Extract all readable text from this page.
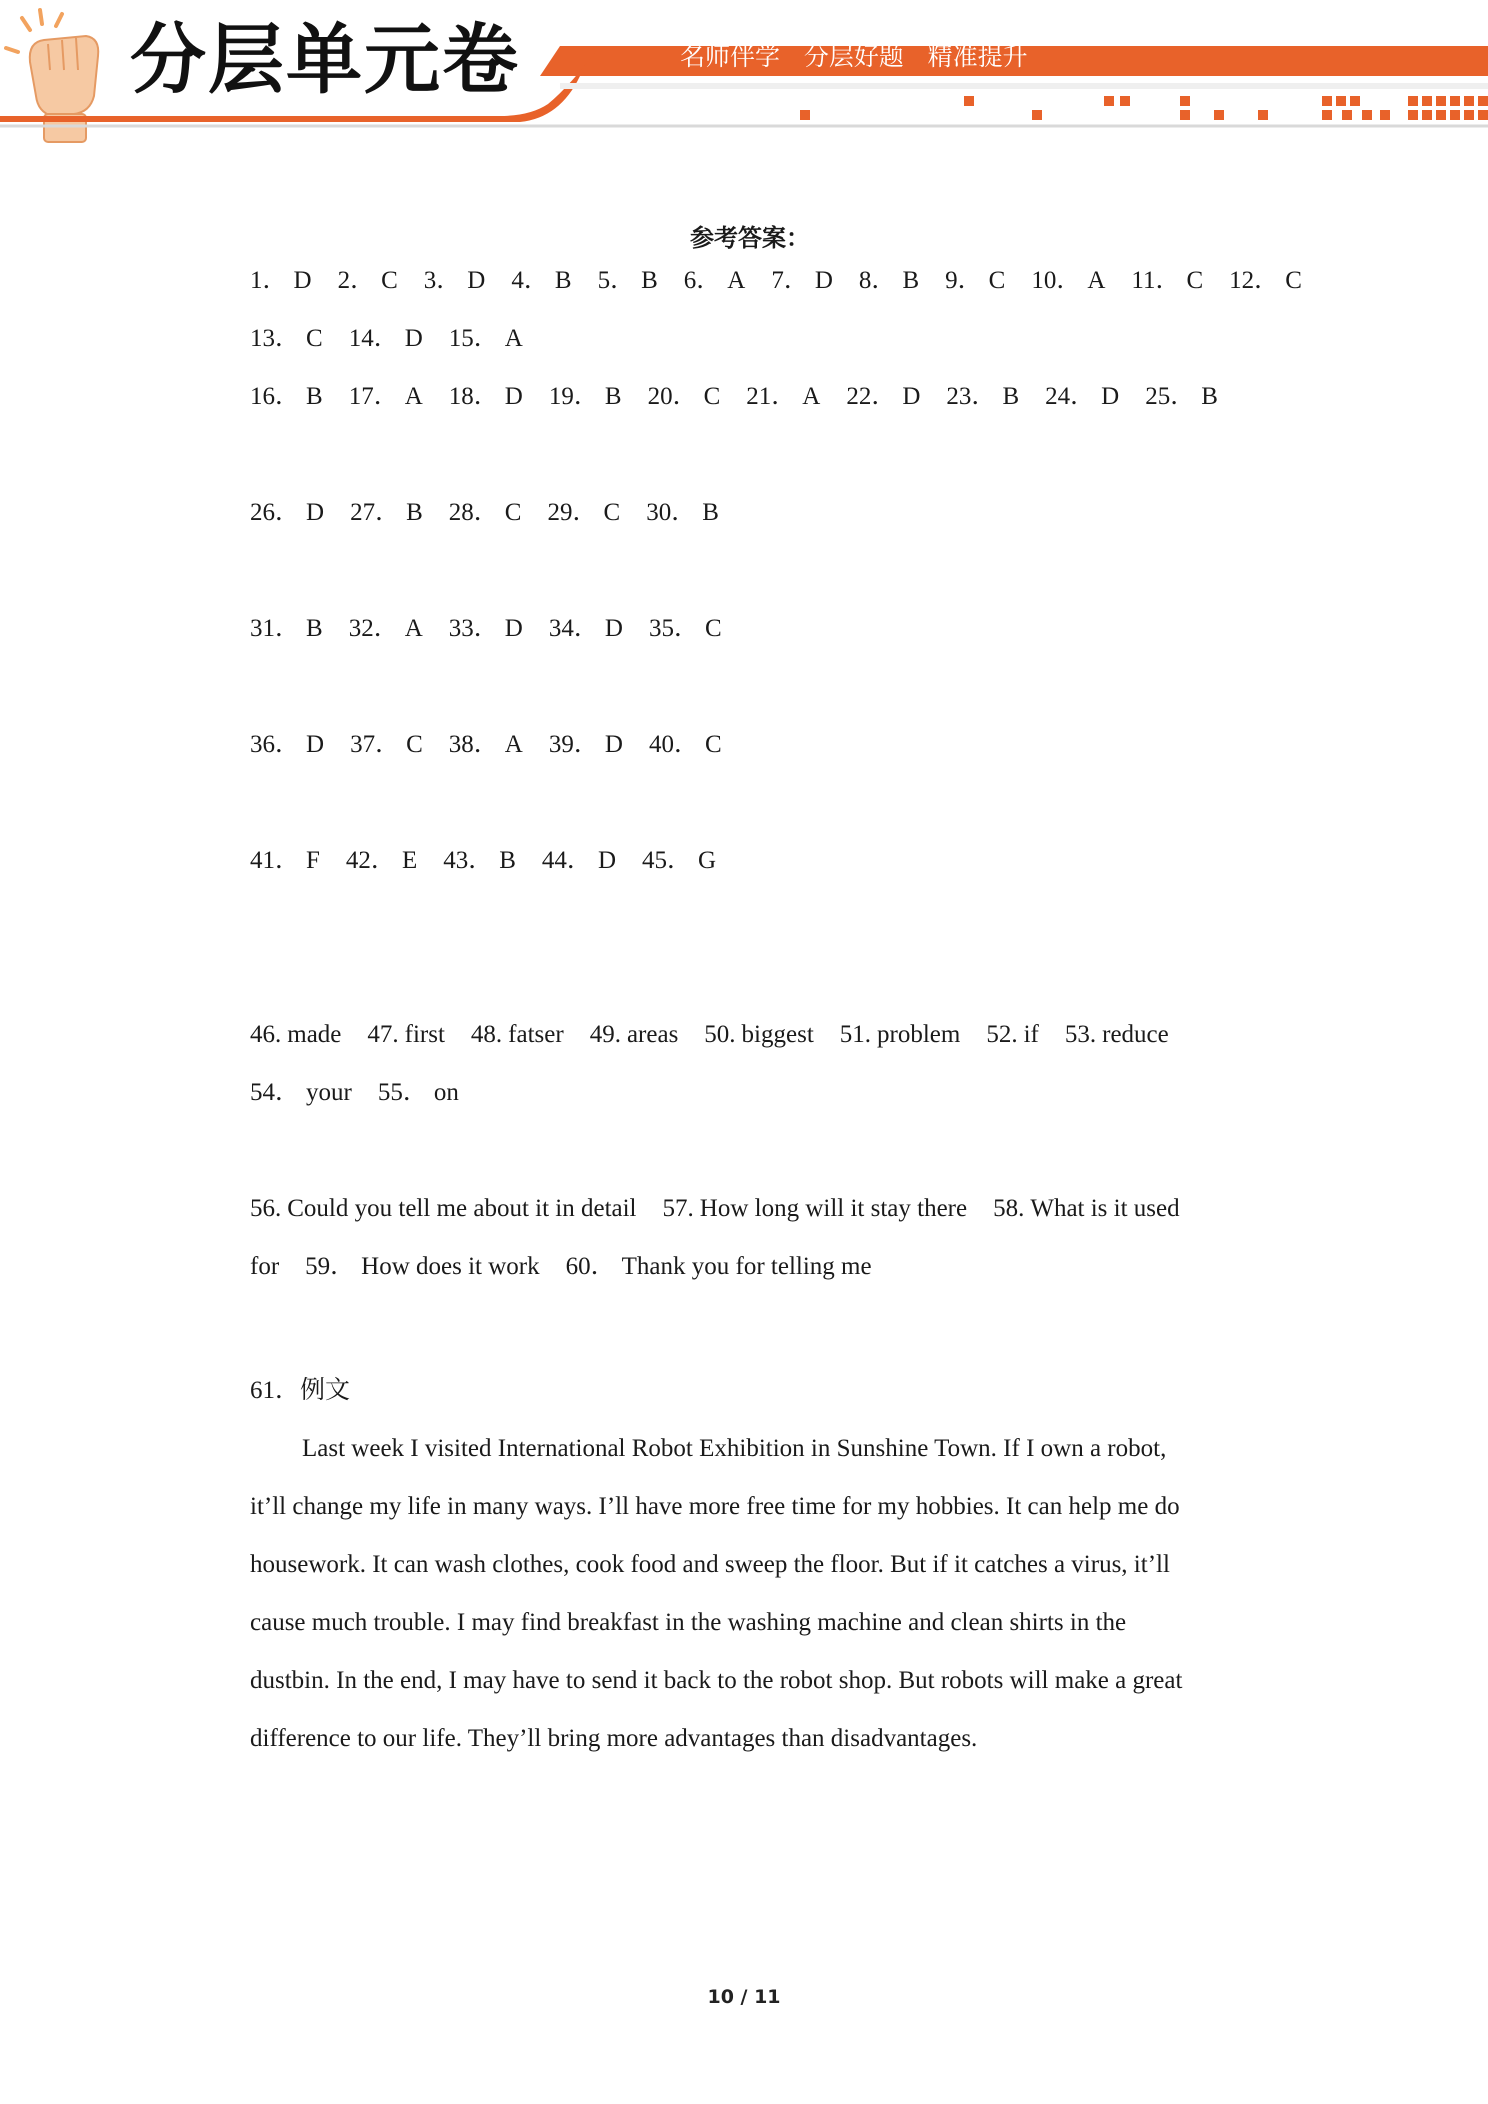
分层单元卷	名师伴学   分层好题   精准提升
参考答案：
1． D 2． C 3． D 4． B 5． B 6． A 7． D 8． B 9． C 10． A 11． C 12． C
13． C 14． D 15． A
16． B 17． A 18． D 19． B 20． C 21． A 22． D 23． B 24． D 25． B
26． D 27． B 28． C 29． C 30． B
31． B 32． A 33． D 34． D 35． C
36． D 37． C 38． A 39． D 40． C
41． F 42． E 43． B 44． D 45． G
46. made 47. first 48. fatser 49. areas 50. biggest 51. problem 52. if 53. reduce
54． your 55． on
56. Could you tell me about it in detail 57. How long will it stay there 58. What is it used
for 59． How does it work 60． Thank you for telling me
61．例文
Last week I visited International Robot Exhibition in Sunshine Town. If I own a robot,
it’ll change my life in many ways. I’ll have more free time for my hobbies. It can help me do
housework. It can wash clothes, cook food and sweep the floor. But if it catches a virus, it’ll
cause much trouble. I may find breakfast in the washing machine and clean shirts in the
dustbin. In the end, I may have to send it back to the robot shop. But robots will make a great
difference to our life. They’ll bring more advantages than disadvantages.
10 / 11
